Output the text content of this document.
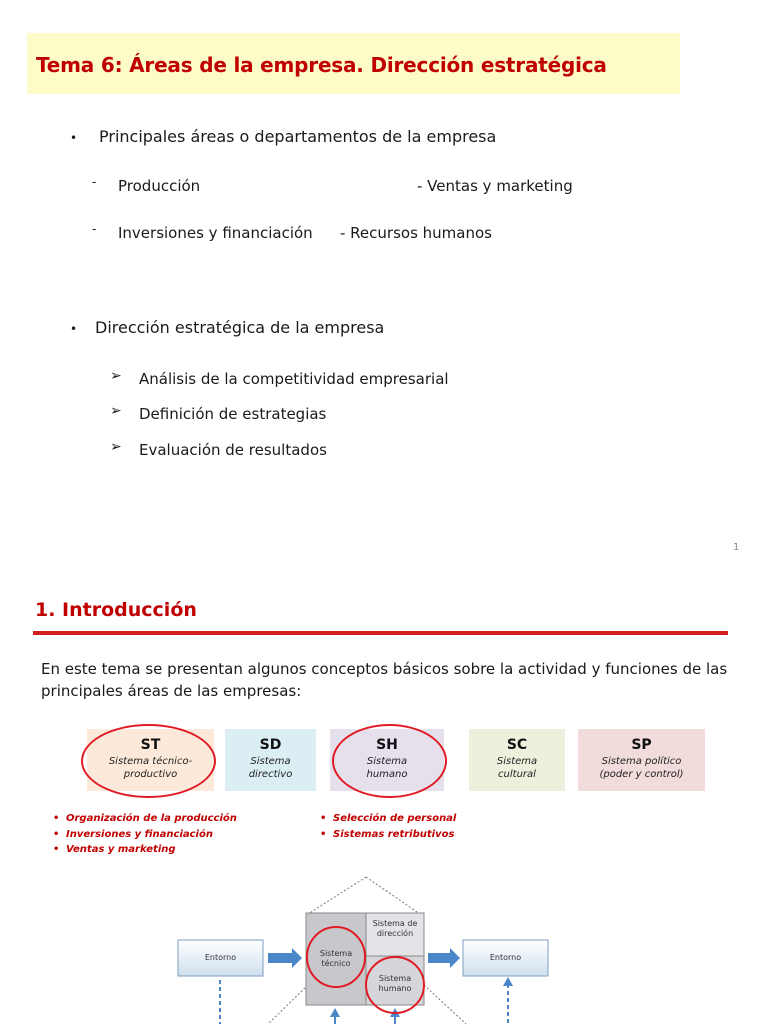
Tema 6: Áreas de la empresa. Dirección estratégica
• Principales áreas o departamentos de la empresa
- Producción	- Ventas y marketing
- Inversiones y financiación - Recursos humanos
• Dirección estratégica de la empresa
➢ Análisis de la competitividad empresarial
➢ Definición de estrategias
➢ Evaluación de resultados
1
1. Introducción
En este tema se presentan algunos conceptos básicos sobre la actividad y funciones de las principales áreas de las empresas:
ST
Sistema técnico-
productivo
SD
Sistema
directivo
SH
Sistema
humano
SC
Sistema
cultural
SP
Sistema político
(poder y control)
• Organización de la producción
• Inversiones y financiación
• Ventas y marketing
• Selección de personal
• Sistemas retributivos
Entorno	Entorno
Sistema técnico
Sistema de dirección
Sistema humano
